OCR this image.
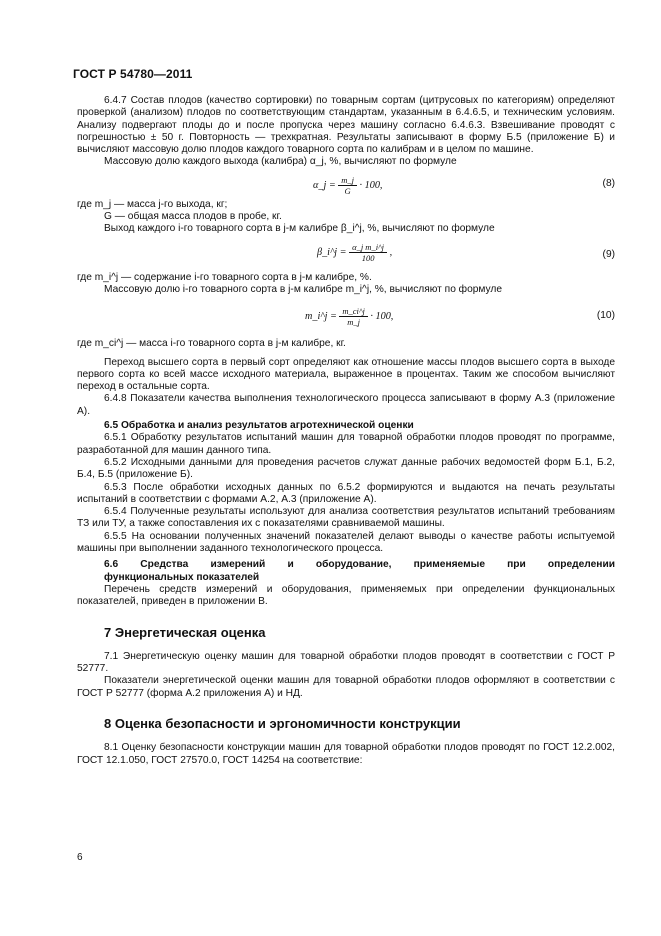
ГОСТ Р 54780—2011

6.4.7 Состав плодов (качество сортировки) по товарным сортам (цитрусовых по категориям) определяют проверкой (анализом) плодов по соответствующим стандартам, указанным в 6.4.6.5, и техническим условиям. Анализу подвергают плоды до и после пропуска через машину согласно 6.4.6.3. Взвешивание проводят с погрешностью ± 50 г. Повторность — трехкратная. Результаты записывают в форму Б.5 (приложение Б) и вычисляют массовую долю плодов каждого товарного сорта по калибрам и в целом по машине.

Массовую долю каждого выхода (калибра) α_j, %, вычисляют по формуле

α_j = $\frac{m\_j}{G} \cdot 100$,	(8)

где m_j — масса j-го выхода, кг;

G — общая масса плодов в пробе, кг.

Выход каждого i-го товарного сорта в j-м калибре β_i^j, %, вычисляют по формуле

β_i^j = $\frac{\text{α\_j m\_i\textasciicircum{}j}}{100}$ ,	(9)

где m_i^j — содержание i-го товарного сорта в j-м калибре, %.

Массовую долю i-го товарного сорта в j-м калибре m_i^j, %, вычисляют по формуле

m_i^j = $\frac{m\_ci\^{}j}{m\_j} \cdot 100$,	(10)

где m_ci^j — масса i-го товарного сорта в j-м калибре, кг.

Переход высшего сорта в первый сорт определяют как отношение массы плодов высшего сорта в выходе первого сорта ко всей массе исходного материала, выраженное в процентах. Таким же способом вычисляют переход в остальные сорта.

6.4.8 Показатели качества выполнения технологического процесса записывают в форму А.3 (приложение А).

6.5 Обработка и анализ результатов агротехнической оценки

6.5.1 Обработку результатов испытаний машин для товарной обработки плодов проводят по программе, разработанной для машин данного типа.

6.5.2 Исходными данными для проведения расчетов служат данные рабочих ведомостей форм Б.1, Б.2, Б.4, Б.5 (приложение Б).

6.5.3 После обработки исходных данных по 6.5.2 формируются и выдаются на печать результаты испытаний в соответствии с формами А.2, А.3 (приложение А).

6.5.4 Полученные результаты используют для анализа соответствия результатов испытаний требованиям ТЗ или ТУ, а также сопоставления их с показателями сравниваемой машины.

6.5.5 На основании полученных значений показателей делают выводы о качестве работы испытуемой машины при выполнении заданного технологического процесса.

6.6 Средства измерений и оборудование, применяемые при определении
функциональных показателей

Перечень средств измерений и оборудования, применяемых при определении функциональных показателей, приведен в приложении В.

7 Энергетическая оценка

7.1 Энергетическую оценку машин для товарной обработки плодов проводят в соответствии с ГОСТ Р 52777.

Показатели энергетической оценки машин для товарной обработки плодов оформляют в соответствии с ГОСТ Р 52777 (форма А.2 приложения А) и НД.

8 Оценка безопасности и эргономичности конструкции

8.1 Оценку безопасности конструкции машин для товарной обработки плодов проводят по ГОСТ 12.2.002, ГОСТ 12.1.050, ГОСТ 27570.0, ГОСТ 14254 на соответствие:

6
